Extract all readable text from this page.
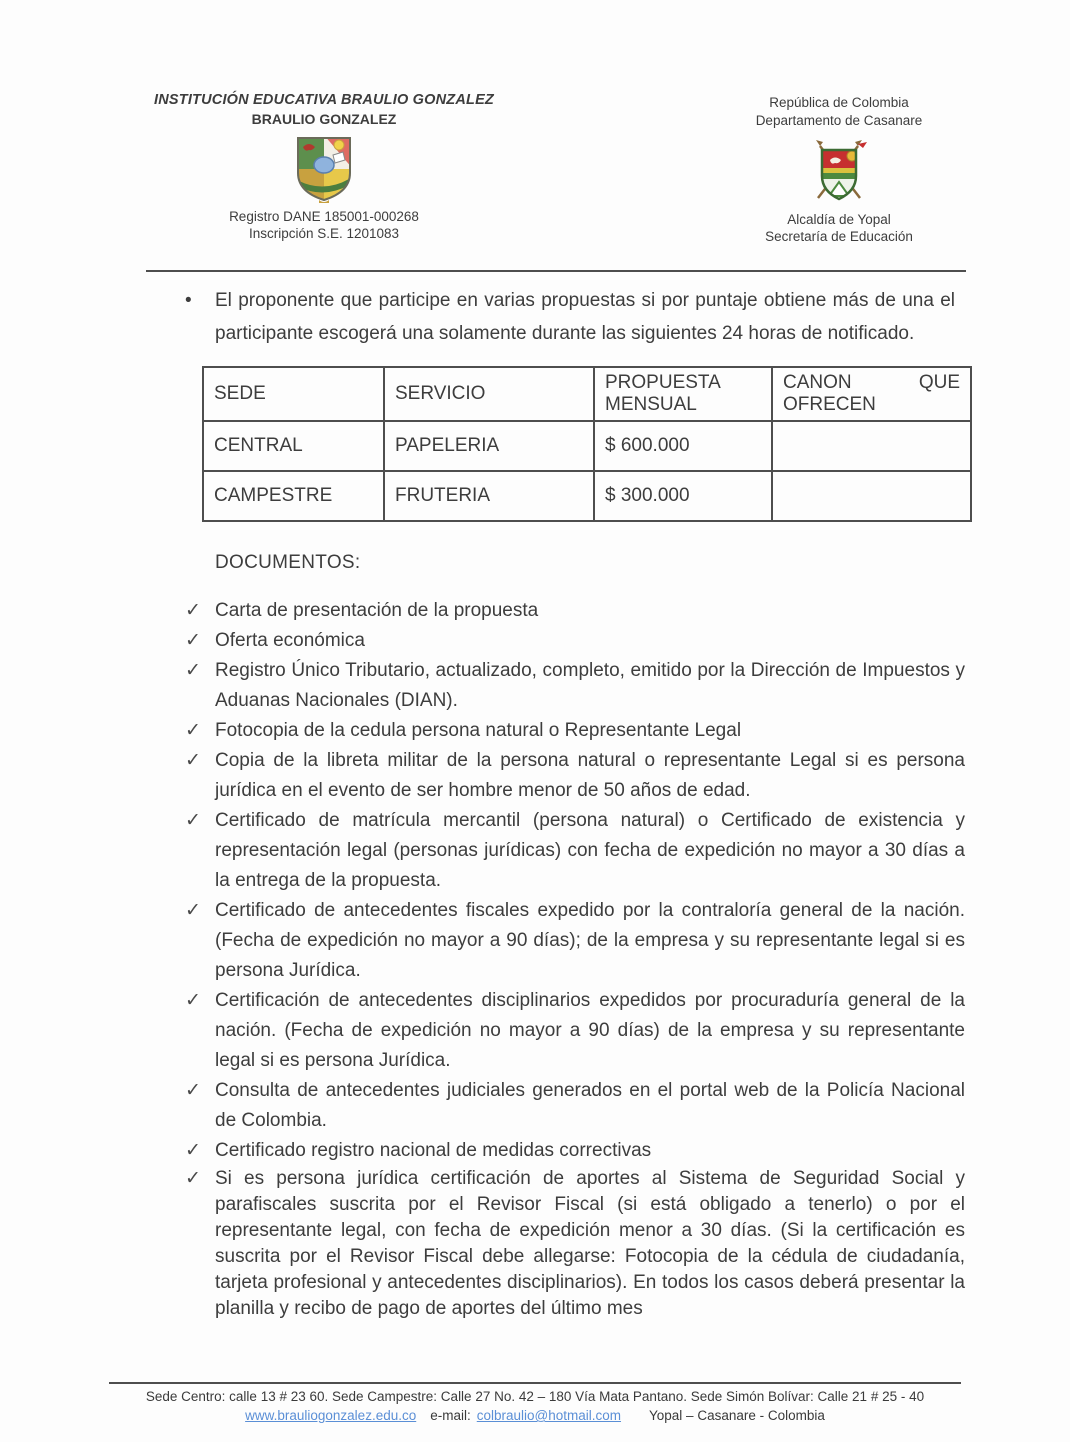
INSTITUCIÓN EDUCATIVA BRAULIO GONZALEZ
BRAULIO GONZALEZ
Registro DANE 185001-000268
Inscripción S.E. 1201083
República de Colombia
Departamento de Casanare
Alcaldía de Yopal
Secretaría de Educación
•	El proponente que participe en varias propuestas si por puntaje obtiene más de una el participante escogerá una solamente durante las siguientes 24 horas de notificado.
SEDE	SERVICIO	PROPUESTA MENSUAL	CANON QUE OFRECEN
CENTRAL	PAPELERIA	$ 600.000	
CAMPESTRE	FRUTERIA	$ 300.000	
DOCUMENTOS:
✓ Carta de presentación de la propuesta
✓ Oferta económica
✓ Registro Único Tributario, actualizado, completo, emitido por la Dirección de Impuestos y Aduanas Nacionales (DIAN).
✓ Fotocopia de la cedula persona natural o Representante Legal
✓ Copia de la libreta militar de la persona natural o representante Legal si es persona jurídica en el evento de ser hombre menor de 50 años de edad.
✓ Certificado de matrícula mercantil (persona natural) o Certificado de existencia y representación legal (personas jurídicas) con fecha de expedición no mayor a 30 días a la entrega de la propuesta.
✓ Certificado de antecedentes fiscales expedido por la contraloría general de la nación. (Fecha de expedición no mayor a 90 días); de la empresa y su representante legal si es persona Jurídica.
✓ Certificación de antecedentes disciplinarios expedidos por procuraduría general de la nación. (Fecha de expedición no mayor a 90 días) de la empresa y su representante legal si es persona Jurídica.
✓ Consulta de antecedentes judiciales generados en el portal web de la Policía Nacional de Colombia.
✓ Certificado registro nacional de medidas correctivas
✓ Si es persona jurídica certificación de aportes al Sistema de Seguridad Social y parafiscales suscrita por el Revisor Fiscal (si está obligado a tenerlo) o por el representante legal, con fecha de expedición menor a 30 días. (Si la certificación es suscrita por el Revisor Fiscal debe allegarse: Fotocopia de la cédula de ciudadanía, tarjeta profesional y antecedentes disciplinarios). En todos los casos deberá presentar la planilla y recibo de pago de aportes del último mes
Sede Centro: calle 13 # 23 60. Sede Campestre: Calle 27 No. 42 – 180 Vía Mata Pantano. Sede Simón Bolívar: Calle 21 # 25 - 40
www.brauliogonzalez.edu.co e-mail: colbraulio@hotmail.com Yopal – Casanare - Colombia
